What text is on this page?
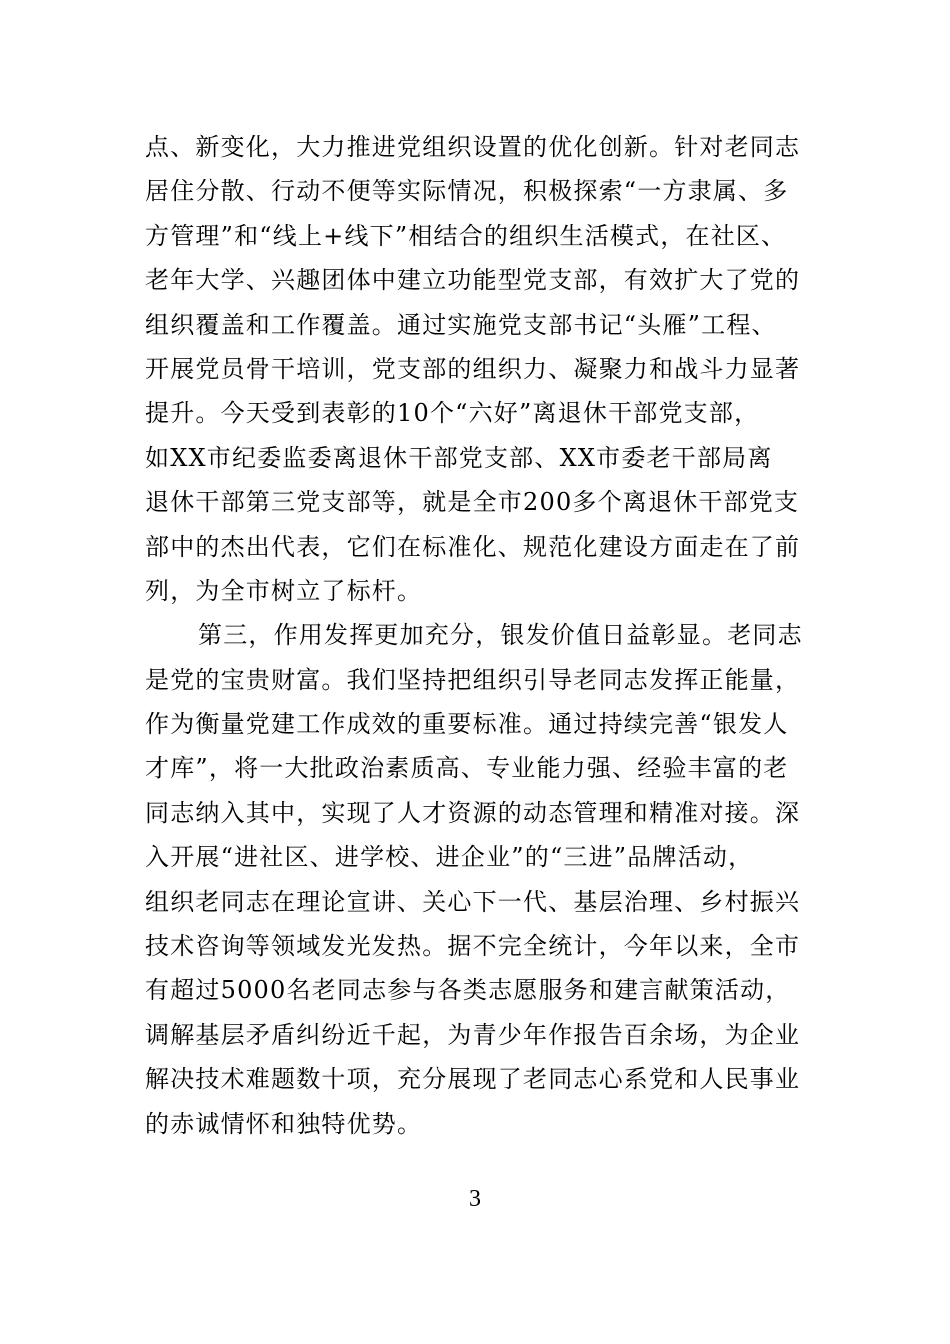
点、新变化，大力推进党组织设置的优化创新。针对老同志
居住分散、行动不便等实际情况，积极探索“一方隶属、多
方管理”和“线上+线下”相结合的组织生活模式，在社区、
老年大学、兴趣团体中建立功能型党支部，有效扩大了党的
组织覆盖和工作覆盖。通过实施党支部书记“头雁”工程、
开展党员骨干培训，党支部的组织力、凝聚力和战斗力显著
提升。今天受到表彰的10个“六好”离退休干部党支部，
如XX市纪委监委离退休干部党支部、XX市委老干部局离
退休干部第三党支部等，就是全市200多个离退休干部党支
部中的杰出代表，它们在标准化、规范化建设方面走在了前
列，为全市树立了标杆。
第三，作用发挥更加充分，银发价值日益彰显。老同志
是党的宝贵财富。我们坚持把组织引导老同志发挥正能量，
作为衡量党建工作成效的重要标准。通过持续完善“银发人
才库”，将一大批政治素质高、专业能力强、经验丰富的老
同志纳入其中，实现了人才资源的动态管理和精准对接。深
入开展“进社区、进学校、进企业”的“三进”品牌活动，
组织老同志在理论宣讲、关心下一代、基层治理、乡村振兴
技术咨询等领域发光发热。据不完全统计，今年以来，全市
有超过5000名老同志参与各类志愿服务和建言献策活动，
调解基层矛盾纠纷近千起，为青少年作报告百余场，为企业
解决技术难题数十项，充分展现了老同志心系党和人民事业
的赤诚情怀和独特优势。
3
